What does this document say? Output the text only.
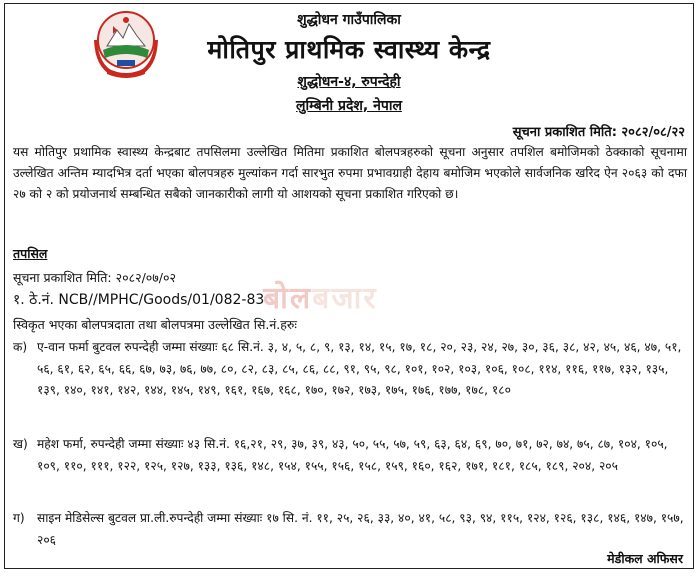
शुद्धोधन गाउँपालिका
मोतिपुर प्राथमिक स्वास्थ्य केन्द्र
शुद्धोधन-४, रुपन्देही
लुम्बिनी प्रदेश, नेपाल
सूचना प्रकाशित मिति: २०८२/०८/२२
यस मोतिपुर प्रथामिक स्वास्थ्य केन्द्रबाट तपसिलमा उल्लेखित मितिमा प्रकाशित बोलपत्रहरुको सूचना अनुसार तपशिल बमोजिमको ठेक्काको सूचनामा उल्लेखित अन्तिम म्यादभित्र दर्ता भएका बोलपत्रहरु मुल्यांकन गर्दा सारभुत रुपमा प्रभावग्राही देहाय बमोजिम भएकोले सार्वजनिक खरिद ऐन २०६३ को दफा २७ को २ को प्रयोजनार्थ सम्बन्धित सबैको जानकारीको लागी यो आशयको सूचना प्रकाशित गरिएको छ।
तपसिल
सूचना प्रकाशित मिति: २०८२/०७/०२
१. ठे.नं. NCB//MPHC/Goods/01/082-83
स्विकृत भएका बोलपत्रदाता तथा बोलपत्रमा उल्लेखित सि.नं.हरुः
क) ए-वान फर्मा बुटवल रुपन्देही जम्मा संख्याः ६८ सि.नं. ३, ४, ५, ८, ९, १३, १४, १५, १७, १८, २०, २३, २४, २७, ३०, ३६, ३८, ४२, ४५, ४६, ४७, ५१, ५६, ६१, ६२, ६५, ६६, ६७, ७३, ७६, ७७, ८०, ८२, ८३, ८५, ८६, ८८, ९१, ९५, ९८, १०१, १०२, १०३, १०६, १०८, ११४, ११६, ११७, १३२, १३५, १३९, १४०, १४१, १४२, १४४, १४५, १४९, १६१, १६७, १६८, १७०, १७२, १७३, १७५, १७६, १७७, १७८, १८०
ख) महेश फर्मा, रुपन्देही जम्मा संख्याः ४३ सि.नं. १६,२१, २९, ३७, ३९, ४३, ५०, ५५, ५७, ५९, ६३, ६४, ६९, ७०, ७१, ७२, ७४, ७५, ८७, १०४, १०५, १०९, ११०, १११, १२२, १२५, १२७, १३३, १३६, १४८, १५४, १५५, १५६, १५८, १५९, १६०, १६२, १७१, १८१, १८५, १८९, २०४, २०५
ग) साइन मेडिसेल्स बुटवल प्रा.ली.रुपन्देही जम्मा संख्याः १७ सि. नं. ११, २५, २६, ३३, ४०, ४१, ५८, ९३, ९४, ११५, १२४, १२६, १३८, १४६, १४७, १५७, २०६
मेडीकल अफिसर
बोलबजार
